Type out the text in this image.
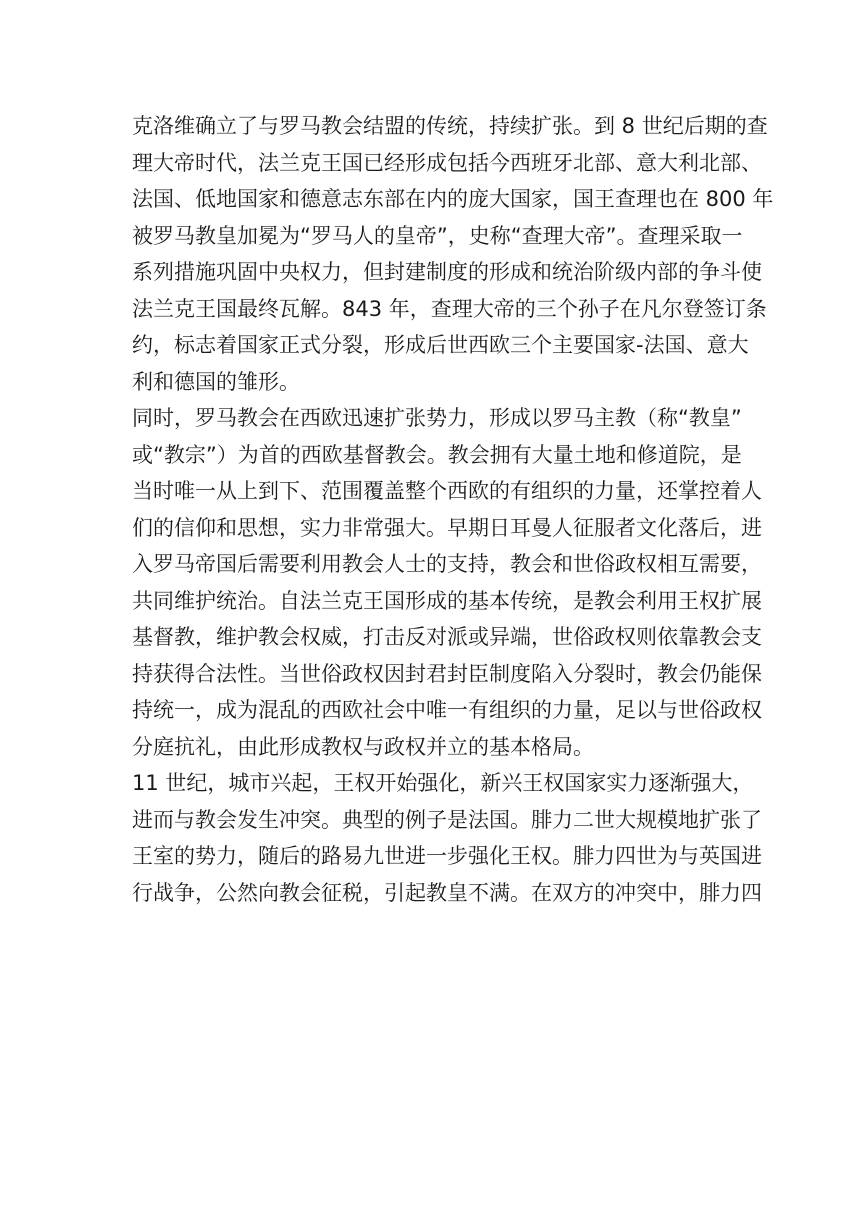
克洛维确立了与罗马教会结盟的传统，持续扩张。到 8 世纪后期的查
理大帝时代，法兰克王国已经形成包括今西班牙北部、意大利北部、
法国、低地国家和德意志东部在内的庞大国家，国王查理也在 800 年
被罗马教皇加冕为“罗马人的皇帝”，史称“查理大帝”。查理采取一
系列措施巩固中央权力，但封建制度的形成和统治阶级内部的争斗使
法兰克王国最终瓦解。843 年，查理大帝的三个孙子在凡尔登签订条
约，标志着国家正式分裂，形成后世西欧三个主要国家-法国、意大
利和德国的雏形。
同时，罗马教会在西欧迅速扩张势力，形成以罗马主教（称“教皇”
或“教宗”）为首的西欧基督教会。教会拥有大量土地和修道院，是
当时唯一从上到下、范围覆盖整个西欧的有组织的力量，还掌控着人
们的信仰和思想，实力非常强大。早期日耳曼人征服者文化落后，进
入罗马帝国后需要利用教会人士的支持，教会和世俗政权相互需要，
共同维护统治。自法兰克王国形成的基本传统，是教会利用王权扩展
基督教，维护教会权威，打击反对派或异端，世俗政权则依靠教会支
持获得合法性。当世俗政权因封君封臣制度陷入分裂时，教会仍能保
持统一，成为混乱的西欧社会中唯一有组织的力量，足以与世俗政权
分庭抗礼，由此形成教权与政权并立的基本格局。
11 世纪，城市兴起，王权开始强化，新兴王权国家实力逐渐强大，
进而与教会发生冲突。典型的例子是法国。腓力二世大规模地扩张了
王室的势力，随后的路易九世进一步强化王权。腓力四世为与英国进
行战争，公然向教会征税，引起教皇不满。在双方的冲突中，腓力四
